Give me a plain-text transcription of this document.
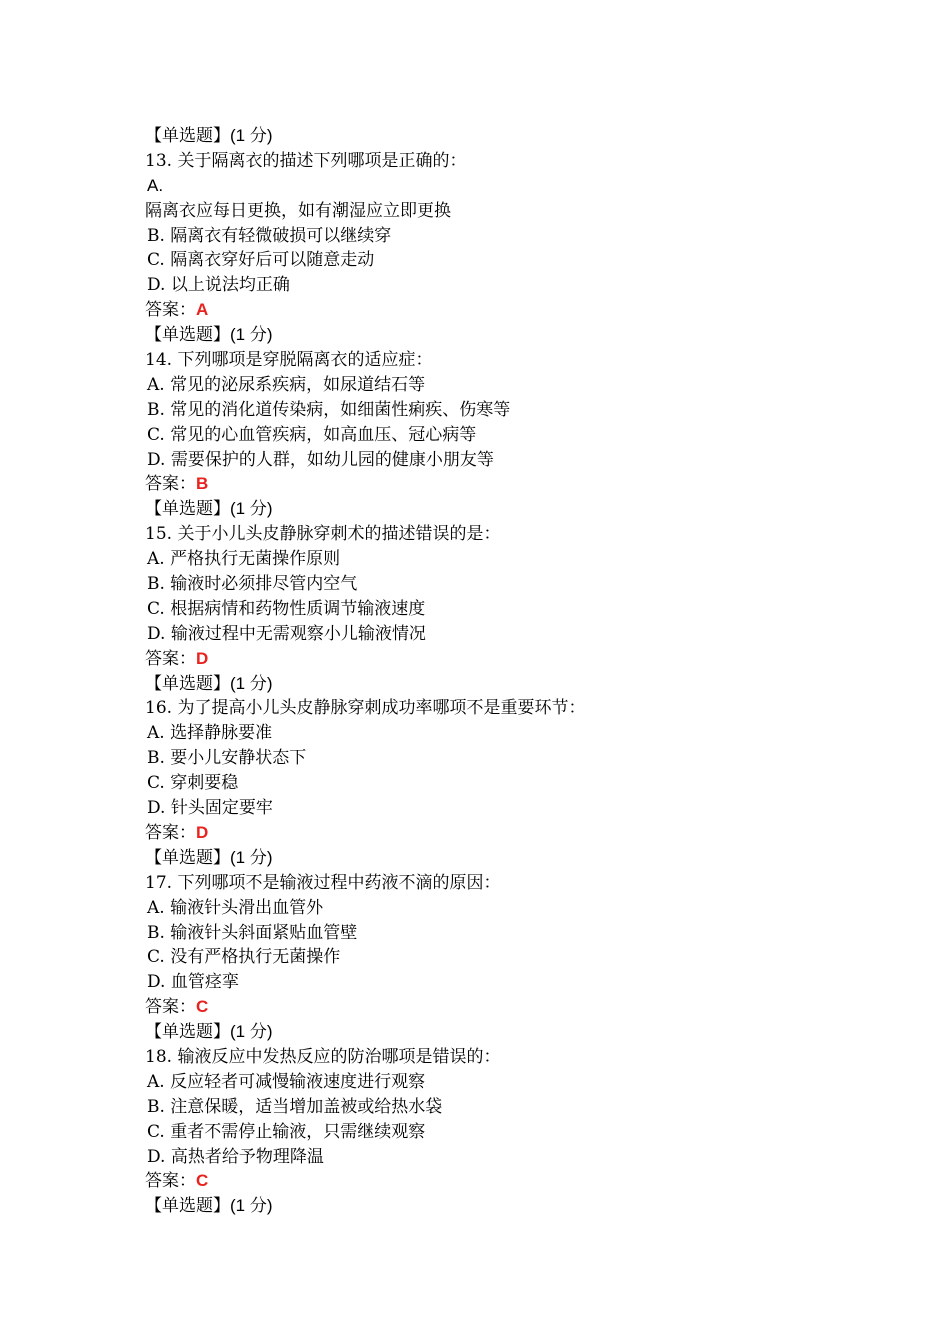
【单选题】(1 分)
13. 关于隔离衣的描述下列哪项是正确的：
A.
隔离衣应每日更换，如有潮湿应立即更换
B. 隔离衣有轻微破损可以继续穿
C. 隔离衣穿好后可以随意走动
D. 以上说法均正确
答案：A
【单选题】(1 分)
14. 下列哪项是穿脱隔离衣的适应症：
A. 常见的泌尿系疾病，如尿道结石等
B. 常见的消化道传染病，如细菌性痢疾、伤寒等
C. 常见的心血管疾病，如高血压、冠心病等
D. 需要保护的人群，如幼儿园的健康小朋友等
答案：B
【单选题】(1 分)
15. 关于小儿头皮静脉穿刺术的描述错误的是：
A. 严格执行无菌操作原则
B. 输液时必须排尽管内空气
C. 根据病情和药物性质调节输液速度
D. 输液过程中无需观察小儿输液情况
答案：D
【单选题】(1 分)
16. 为了提高小儿头皮静脉穿刺成功率哪项不是重要环节：
A. 选择静脉要准
B. 要小儿安静状态下
C. 穿刺要稳
D. 针头固定要牢
答案：D
【单选题】(1 分)
17. 下列哪项不是输液过程中药液不滴的原因：
A. 输液针头滑出血管外
B. 输液针头斜面紧贴血管壁
C. 没有严格执行无菌操作
D. 血管痉挛
答案：C
【单选题】(1 分)
18. 输液反应中发热反应的防治哪项是错误的：
A. 反应轻者可减慢输液速度进行观察
B. 注意保暖，适当增加盖被或给热水袋
C. 重者不需停止输液，只需继续观察
D. 高热者给予物理降温
答案：C
【单选题】(1 分)
